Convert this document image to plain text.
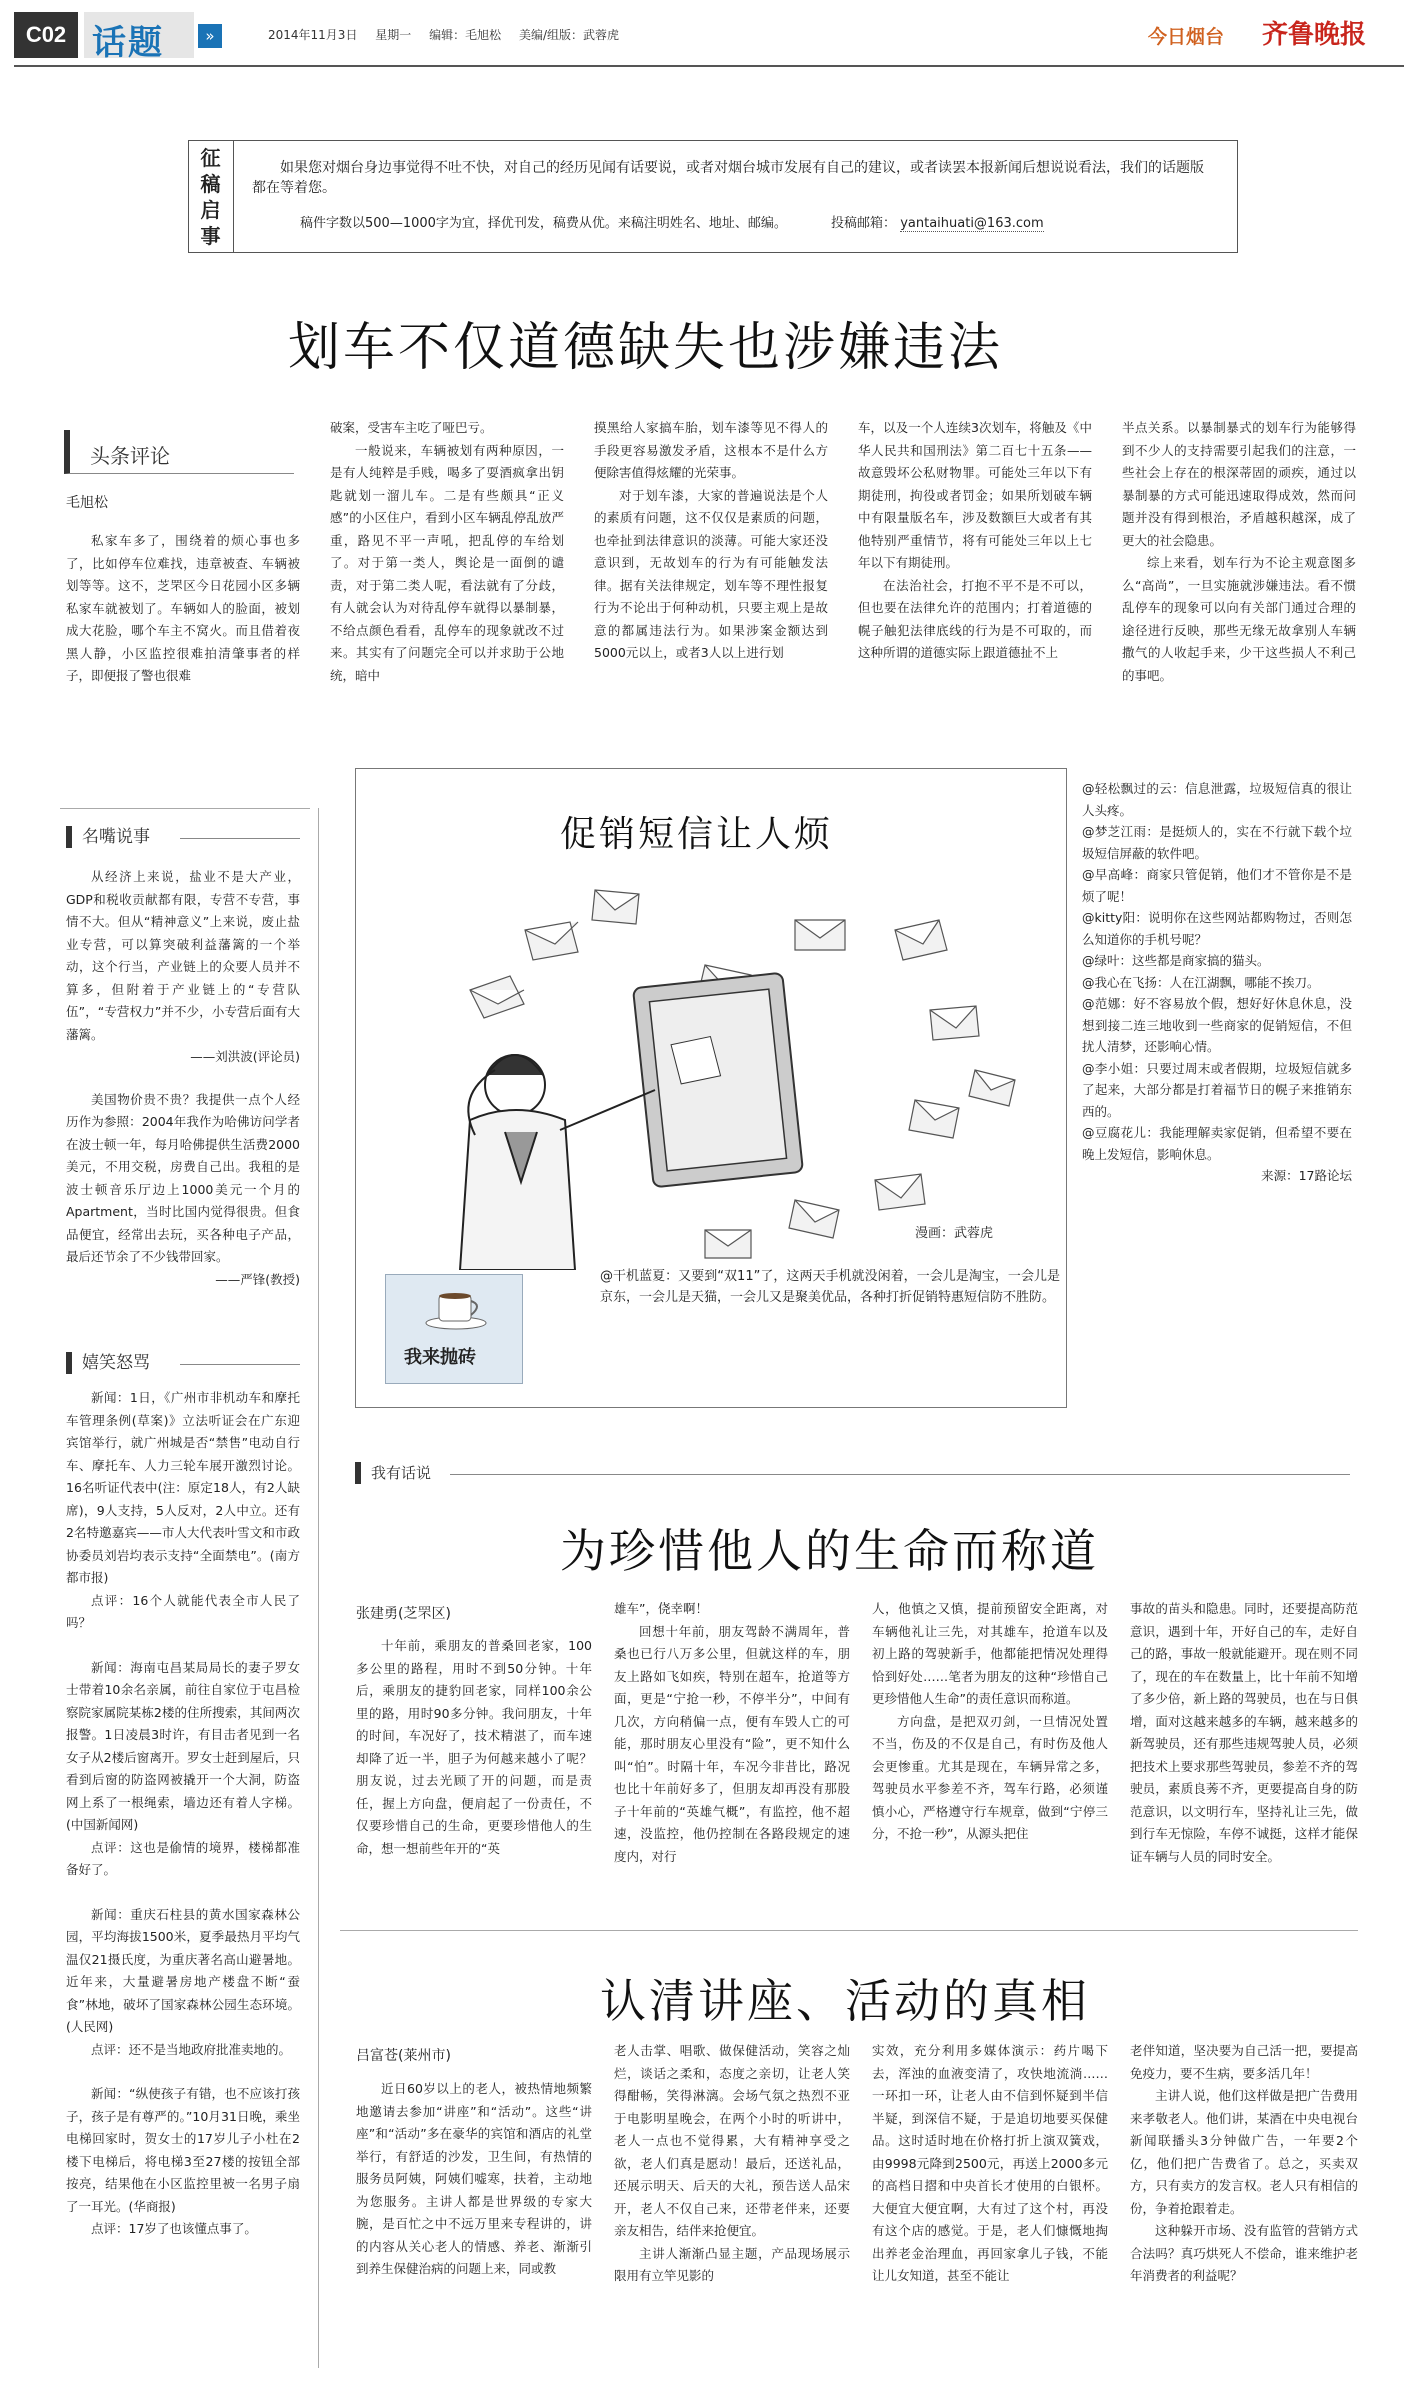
C02 话题	»	2014年11月3日 星期一 编辑：毛旭松 美编/组版：武蓉虎	今日烟台 齐鲁晚报
征
稿
启
事
如果您对烟台身边事觉得不吐不快，对自己的经历见闻有话要说，或者对烟台城市发展有自己的建议，或者读罢本报新闻后想说说看法，我们的话题版都在等着您。
稿件字数以500—1000字为宜，择优刊发，稿费从优。来稿注明姓名、地址、邮编。	投稿邮箱： yantaihuati@163.com
划车不仅道德缺失也涉嫌违法
头条评论
毛旭松

私家车多了，围绕着的烦心事也多了，比如停车位难找，违章被查、车辆被划等等。这不，芝罘区今日花园小区多辆私家车就被划了。车辆如人的脸面，被划成大花脸，哪个车主不窝火。而且借着夜黑人静，小区监控很难拍清肇事者的样子，即便报了警也很难

破案，受害车主吃了哑巴亏。

一般说来，车辆被划有两种原因，一是有人纯粹是手贱，喝多了耍酒疯拿出钥匙就划一溜儿车。二是有些颇具“正义感”的小区住户，看到小区车辆乱停乱放严重，路见不平一声吼，把乱停的车给划了。对于第一类人，舆论是一面倒的谴责，对于第二类人呢，看法就有了分歧，有人就会认为对待乱停车就得以暴制暴，不给点颜色看看，乱停车的现象就改不过来。其实有了问题完全可以并求助于公地统，暗中

摸黑给人家搞车胎，划车漆等见不得人的手段更容易激发矛盾，这根本不是什么方便除害值得炫耀的光荣事。

对于划车漆，大家的普遍说法是个人的素质有问题，这不仅仅是素质的问题，也牵扯到法律意识的淡薄。可能大家还没意识到，无故划车的行为有可能触发法律。据有关法律规定，划车等不理性报复行为不论出于何种动机，只要主观上是故意的都属违法行为。如果涉案金额达到5000元以上，或者3人以上进行划

车，以及一个人连续3次划车，将触及《中华人民共和国刑法》第二百七十五条——故意毁坏公私财物罪。可能处三年以下有期徒刑，拘役或者罚金；如果所划破车辆中有限量版名车，涉及数额巨大或者有其他特别严重情节，将有可能处三年以上七年以下有期徒刑。

在法治社会，打抱不平不是不可以，但也要在法律允许的范围内；打着道德的幌子触犯法律底线的行为是不可取的，而这种所谓的道德实际上跟道德扯不上

半点关系。以暴制暴式的划车行为能够得到不少人的支持需要引起我们的注意，一些社会上存在的根深蒂固的顽疾，通过以暴制暴的方式可能迅速取得成效，然而问题并没有得到根治，矛盾越积越深，成了更大的社会隐患。

综上来看，划车行为不论主观意图多么“高尚”，一旦实施就涉嫌违法。看不惯乱停车的现象可以向有关部门通过合理的途径进行反映，那些无缘无故拿别人车辆撒气的人收起手来，少干这些损人不利己的事吧。

名嘴说事

从经济上来说，盐业不是大产业，GDP和税收贡献都有限，专营不专营，事情不大。但从“精神意义”上来说，废止盐业专营，可以算突破利益藩篱的一个举动，这个行当，产业链上的众要人员并不算多，但附着于产业链上的“专营队伍”，“专营权力”并不少，小专营后面有大藩篱。

——刘洪波(评论员)

美国物价贵不贵？我提供一点个人经历作为参照：2004年我作为哈佛访问学者在波士顿一年，每月哈佛提供生活费2000美元，不用交税，房费自己出。我租的是波士顿音乐厅边上1000美元一个月的Apartment，当时比国内觉得很贵。但食品便宜，经常出去玩，买各种电子产品，最后还节余了不少钱带回家。

——严锋(教授)

嬉笑怒骂

新闻：1日，《广州市非机动车和摩托车管理条例(草案)》立法听证会在广东迎宾馆举行，就广州城是否“禁售”电动自行车、摩托车、人力三轮车展开激烈讨论。16名听证代表中(注：原定18人，有2人缺席)，9人支持，5人反对，2人中立。还有2名特邀嘉宾——市人大代表叶雪文和市政协委员刘岩均表示支持“全面禁电”。(南方都市报)

点评：16个人就能代表全市人民了吗？

新闻：海南屯昌某局局长的妻子罗女士带着10余名亲属，前往自家位于屯昌检察院家属院某栋2楼的住所搜索，其间两次报警。1日凌晨3时许，有目击者见到一名女子从2楼后窗离开。罗女士赶到屋后，只看到后窗的防盗网被撬开一个大洞，防盗网上系了一根绳索，墙边还有着人字梯。(中国新闻网)

点评：这也是偷情的境界，楼梯都准备好了。

新闻：重庆石柱县的黄水国家森林公园，平均海拔1500米，夏季最热月平均气温仅21摄氏度，为重庆著名高山避暑地。近年来，大量避暑房地产楼盘不断“蚕食”林地，破坏了国家森林公园生态环境。(人民网)

点评：还不是当地政府批准卖地的。

新闻：“纵使孩子有错，也不应该打孩子，孩子是有尊严的。”10月31日晚，乘坐电梯回家时，贺女士的17岁儿子小杜在2楼下电梯后，将电梯3至27楼的按钮全部按亮，结果他在小区监控里被一名男子扇了一耳光。(华商报)

点评：17岁了也该懂点事了。

促销短信让人烦
漫画：武蓉虎
我来抛砖
@干机蓝夏：又要到“双11”了，这两天手机就没闲着，一会儿是淘宝，一会儿是京东，一会儿是天猫，一会儿又是聚美优品，各种打折促销特惠短信防不胜防。
@轻松飘过的云：信息泄露，垃圾短信真的很让人头疼。
@梦芝江雨：是挺烦人的，实在不行就下载个垃圾短信屏蔽的软件吧。
@早高峰：商家只管促销，他们才不管你是不是烦了呢！
@kitty阳：说明你在这些网站都购物过，否则怎么知道你的手机号呢？
@绿叶：这些都是商家搞的猫头。
@我心在飞扬：人在江湖飘，哪能不挨刀。
@范娜：好不容易放个假，想好好休息休息，没想到接二连三地收到一些商家的促销短信，不但扰人清梦，还影响心情。
@李小姐：只要过周末或者假期，垃圾短信就多了起来，大部分都是打着福节日的幌子来推销东西的。
@豆腐花儿：我能理解卖家促销，但希望不要在晚上发短信，影响休息。
来源：17路论坛
我有话说
为珍惜他人的生命而称道
张建勇(芝罘区)

十年前，乘朋友的普桑回老家，100多公里的路程，用时不到50分钟。十年后，乘朋友的捷豹回老家，同样100余公里的路，用时90多分钟。我问朋友，十年的时间，车况好了，技术精湛了，而车速却降了近一半，胆子为何越来越小了呢？朋友说，过去光顾了开的问题，而是责任，握上方向盘，便肩起了一份责任，不仅要珍惜自己的生命，更要珍惜他人的生命，想一想前些年开的“英

雄车”，侥幸啊！

回想十年前，朋友驾龄不满周年，普桑也已行八万多公里，但就这样的车，朋友上路如飞如疾，特别在超车，抢道等方面，更是“宁抢一秒，不停半分”，中间有几次，方向稍偏一点，便有车毁人亡的可能，那时朋友心里没有“险”，更不知什么叫“怕”。时隔十年，车况今非昔比，路况也比十年前好多了，但朋友却再没有那股子十年前的“英雄气概”，有监控，他不超速，没监控，他仍控制在各路段规定的速度内，对行

人，他慎之又慎，提前预留安全距离，对车辆他礼让三先，对其雄车，抢道车以及初上路的驾驶新手，他都能把情况处理得恰到好处……笔者为朋友的这种“珍惜自己更珍惜他人生命”的责任意识而称道。

方向盘，是把双刃剑，一旦情况处置不当，伤及的不仅是自己，有时伤及他人会更惨重。尤其是现在，车辆异常之多，驾驶员水平参差不齐，驾车行路，必须谨慎小心，严格遵守行车规章，做到“宁停三分，不抢一秒”，从源头把住

事故的苗头和隐患。同时，还要提高防范意识，遇到十年，开好自己的车，走好自己的路，事故一般就能避开。现在则不同了，现在的车在数量上，比十年前不知增了多少倍，新上路的驾驶员，也在与日俱增，面对这越来越多的车辆，越来越多的新驾驶员，还有那些违规驾驶人员，必须把技术上要求那些驾驶员，参差不齐的驾驶员，素质良莠不齐，更要提高自身的防范意识，以文明行车，坚持礼让三先，做到行车无惊险，车停不诚挺，这样才能保证车辆与人员的同时安全。

认清讲座、活动的真相
吕富苍(莱州市)

近日60岁以上的老人，被热情地频繁地邀请去参加“讲座”和“活动”。这些“讲座”和“活动”多在豪华的宾馆和酒店的礼堂举行，有舒适的沙发，卫生间，有热情的服务员阿姨，阿姨们嘘寒，扶着，主动地为您服务。主讲人都是世界级的专家大腕，是百忙之中不远万里来专程讲的，讲的内容从关心老人的情感、养老、渐渐引到养生保健治病的问题上来，同或教

老人击掌、唱歌、做保健活动，笑容之灿烂，谈话之柔和，态度之亲切，让老人笑得酣畅，笑得淋漓。会场气氛之热烈不亚于电影明星晚会，在两个小时的听讲中，老人一点也不觉得累，大有精神享受之欲，老人们真是愿动！最后，还送礼品，还展示明天、后天的大礼，预告送人品宋开，老人不仅自己来，还带老伴来，还要亲友相告，结伴来抢便宜。

主讲人渐渐凸显主题，产品现场展示限用有立竿见影的

实效，充分利用多媒体演示：药片喝下去，浑浊的血液变清了，攻快地流淌……一环扣一环，让老人由不信到怀疑到半信半疑，到深信不疑，于是追切地要买保健品。这时适时地在价格打折上演双簧戏，由9998元降到2500元，再送上2000多元的高档日摺和中央首长才使用的白银杯。大便宜大便宜啊，大有过了这个村，再没有这个店的感觉。于是，老人们慷慨地掏出养老金治理血，再回家拿儿子钱，不能让儿女知道，甚至不能让

老伴知道，坚决要为自己活一把，要提高免疫力，要不生病，要多活几年！

主讲人说，他们这样做是把广告费用来孝敬老人。他们讲，某酒在中央电视台新闻联播头3分钟做广告，一年要2个亿，他们把广告费省了。总之，买卖双方，只有卖方的发言权。老人只有相信的份，争着抢跟着走。

这种躲开市场、没有监管的营销方式合法吗？真巧烘死人不偿命，谁来维护老年消费者的利益呢？
